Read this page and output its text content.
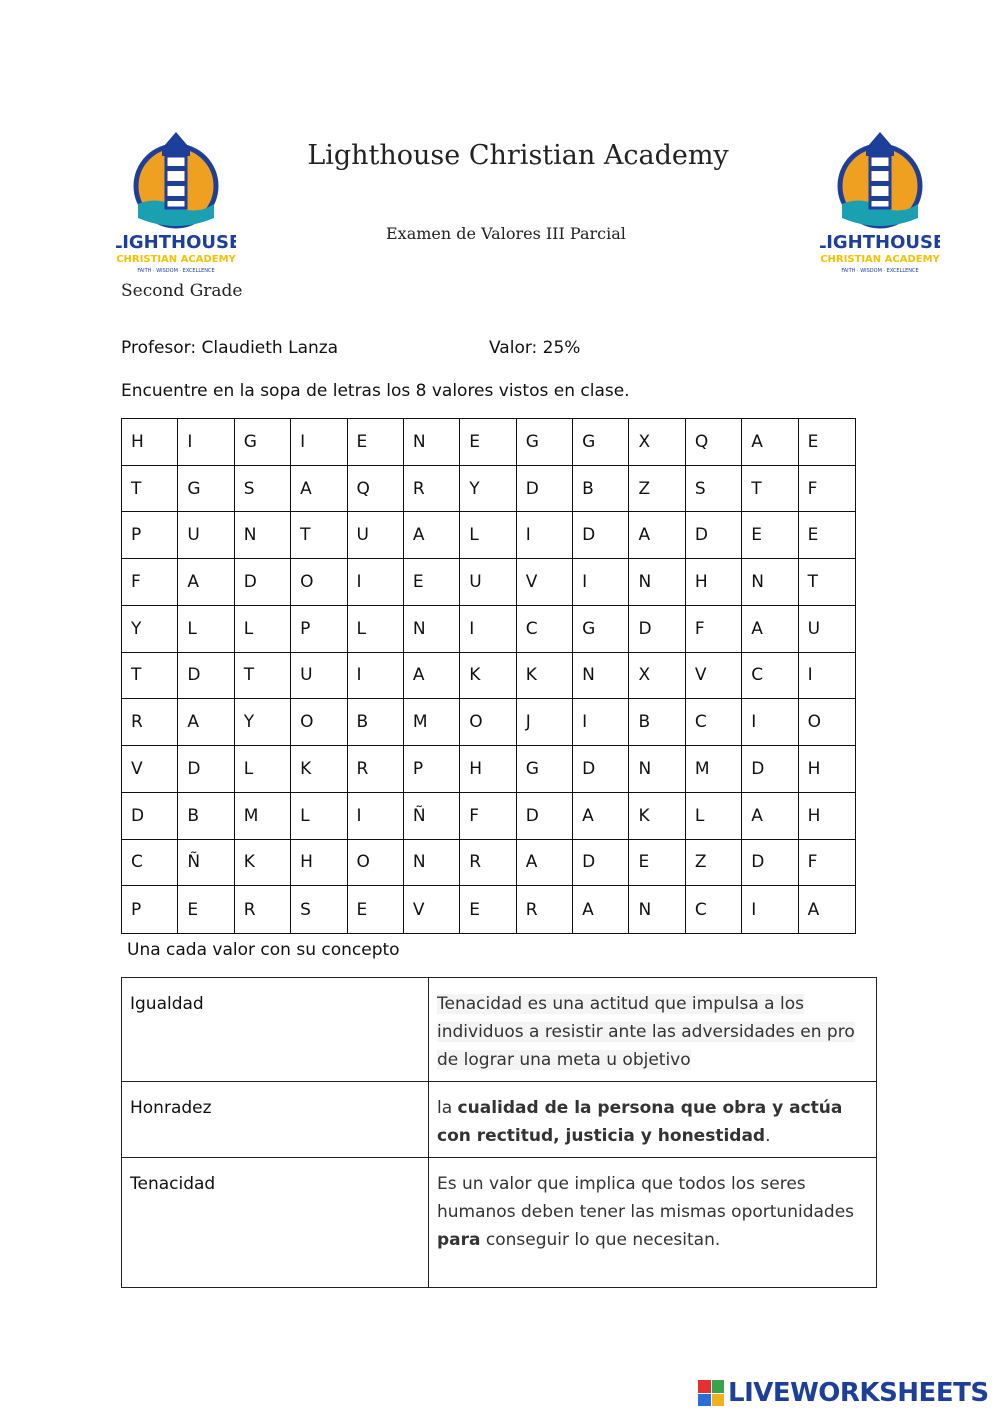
Lighthouse Christian Academy
Examen de Valores III Parcial
Second Grade
LIGHTHOUSE
CHRISTIAN ACADEMY
FAITH · WISDOM · EXCELLENCE
LIGHTHOUSE
CHRISTIAN ACADEMY
FAITH · WISDOM · EXCELLENCE
Profesor: Claudieth Lanza	Valor: 25%
Encuentre en la sopa de letras los 8 valores vistos en clase.
H	I	G	I	E	N	E	G	G	X	Q	A	E
T	G	S	A	Q	R	Y	D	B	Z	S	T	F
P	U	N	T	U	A	L	I	D	A	D	E	E
F	A	D	O	I	E	U	V	I	N	H	N	T
Y	L	L	P	L	N	I	C	G	D	F	A	U
T	D	T	U	I	A	K	K	N	X	V	C	I
R	A	Y	O	B	M	O	J	I	B	C	I	O
V	D	L	K	R	P	H	G	D	N	M	D	H
D	B	M	L	I	Ñ	F	D	A	K	L	A	H
C	Ñ	K	H	O	N	R	A	D	E	Z	D	F
P	E	R	S	E	V	E	R	A	N	C	I	A
Una cada valor con su concepto
Igualdad	Tenacidad es una actitud que impulsa a los individuos a resistir ante las adversidades en pro de lograr una meta u objetivo
Honradez	la cualidad de la persona que obra y actúa con rectitud, justicia y honestidad.
Tenacidad	Es un valor que implica que todos los seres humanos deben tener las mismas oportunidades para conseguir lo que necesitan.
LIVEWORKSHEETS
